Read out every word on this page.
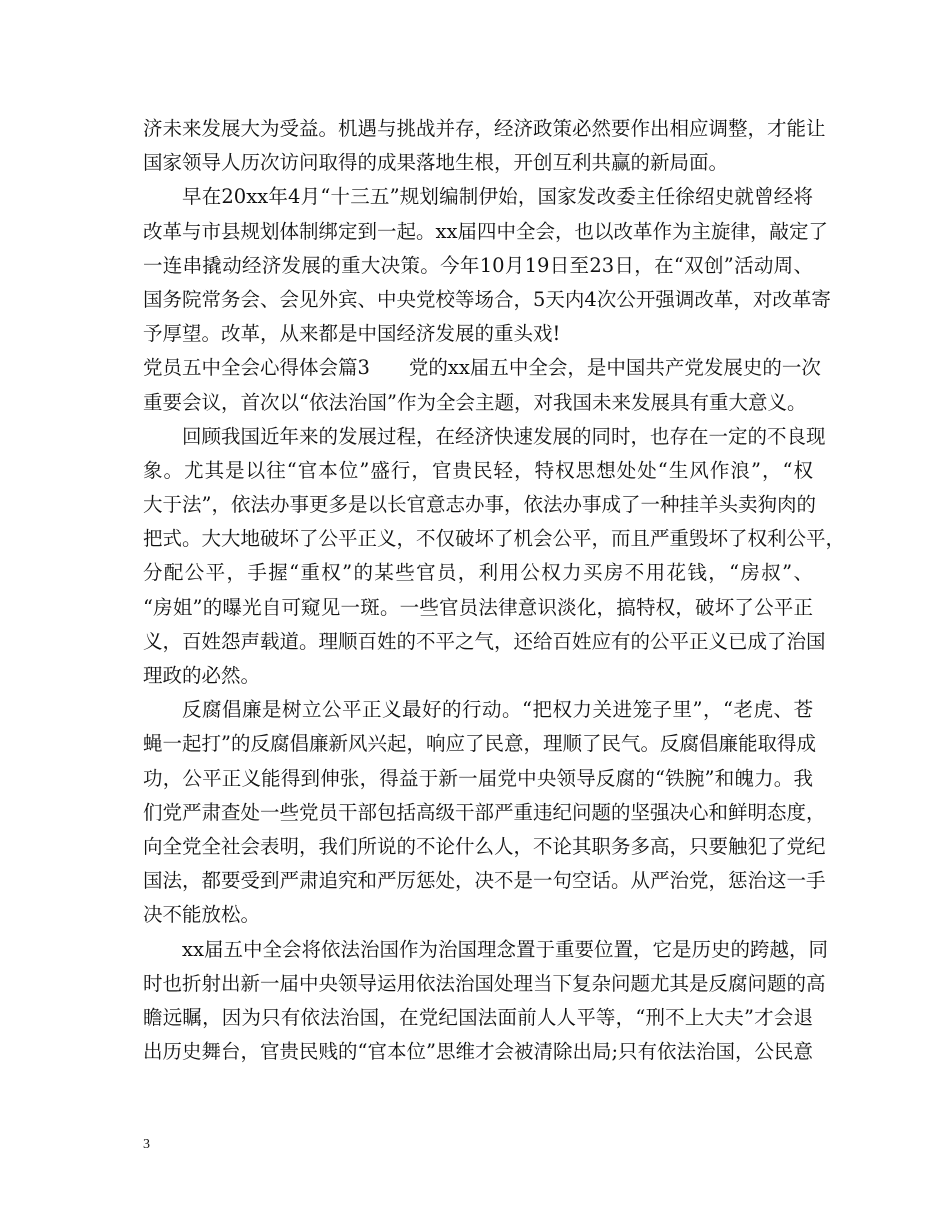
济未来发展大为受益。机遇与挑战并存，经济政策必然要作出相应调整，才能让
国家领导人历次访问取得的成果落地生根，开创互利共赢的新局面。
早在20xx年4月“十三五”规划编制伊始，国家发改委主任徐绍史就曾经将
改革与市县规划体制绑定到一起。xx届四中全会，也以改革作为主旋律，敲定了
一连串撬动经济发展的重大决策。今年10月19日至23日，在“双创”活动周、
国务院常务会、会见外宾、中央党校等场合，5天内4次公开强调改革，对改革寄
予厚望。改革，从来都是中国经济发展的重头戏!
党员五中全会心得体会篇3　　党的xx届五中全会，是中国共产党发展史的一次
重要会议，首次以“依法治国”作为全会主题，对我国未来发展具有重大意义。
回顾我国近年来的发展过程，在经济快速发展的同时，也存在一定的不良现
象。尤其是以往“官本位”盛行，官贵民轻，特权思想处处“生风作浪”，“权
大于法”，依法办事更多是以长官意志办事，依法办事成了一种挂羊头卖狗肉的
把式。大大地破坏了公平正义，不仅破坏了机会公平，而且严重毁坏了权利公平，
分配公平，手握“重权”的某些官员，利用公权力买房不用花钱，“房叔”、
“房姐”的曝光自可窥见一斑。一些官员法律意识淡化，搞特权，破坏了公平正
义，百姓怨声载道。理顺百姓的不平之气，还给百姓应有的公平正义已成了治国
理政的必然。
反腐倡廉是树立公平正义最好的行动。“把权力关进笼子里”，“老虎、苍
蝇一起打”的反腐倡廉新风兴起，响应了民意，理顺了民气。反腐倡廉能取得成
功，公平正义能得到伸张，得益于新一届党中央领导反腐的“铁腕”和魄力。我
们党严肃查处一些党员干部包括高级干部严重违纪问题的坚强决心和鲜明态度，
向全党全社会表明，我们所说的不论什么人，不论其职务多高，只要触犯了党纪
国法，都要受到严肃追究和严厉惩处，决不是一句空话。从严治党，惩治这一手
决不能放松。
xx届五中全会将依法治国作为治国理念置于重要位置，它是历史的跨越，同
时也折射出新一届中央领导运用依法治国处理当下复杂问题尤其是反腐问题的高
瞻远瞩，因为只有依法治国，在党纪国法面前人人平等，“刑不上大夫”才会退
出历史舞台，官贵民贱的“官本位”思维才会被清除出局;只有依法治国，公民意
3
